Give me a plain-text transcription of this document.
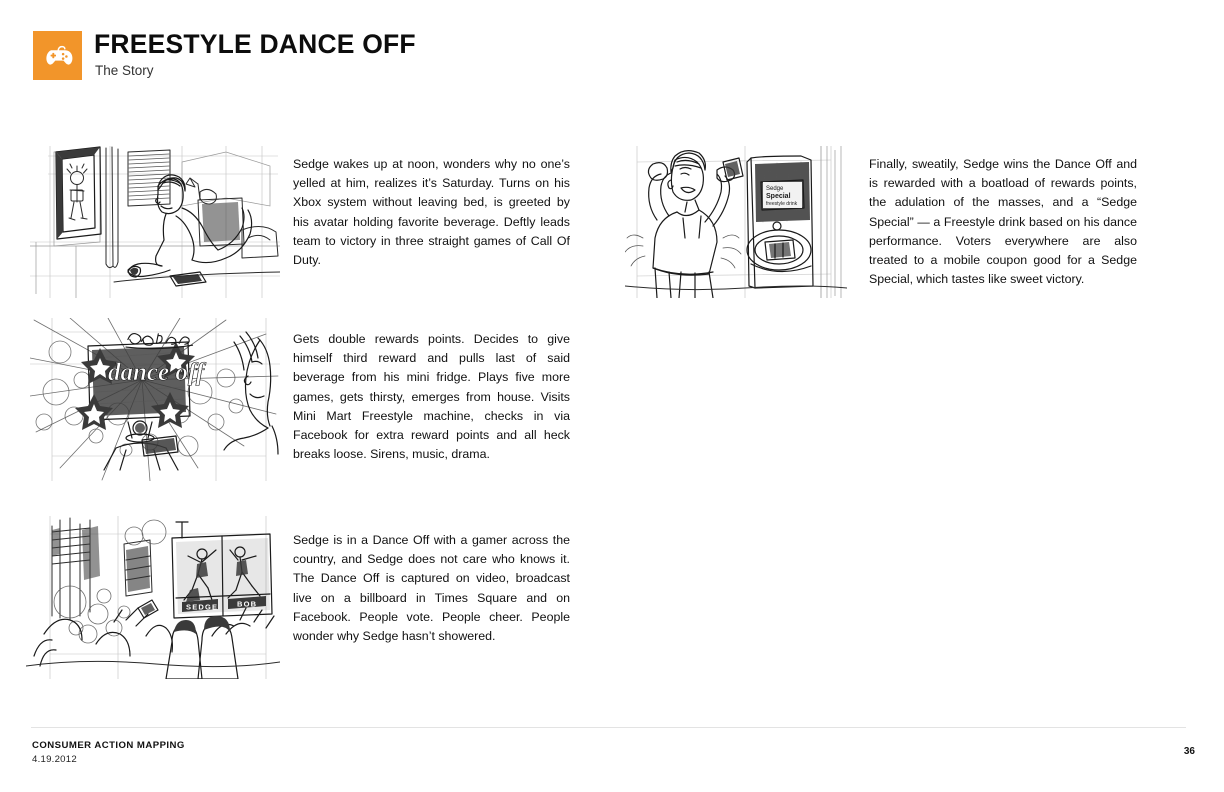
FREESTYLE DANCE OFF
The Story

Sedge wakes up at noon, wonders why no one’s yelled at him, realizes it’s Saturday. Turns on his Xbox system without leaving bed, is greeted by his avatar holding favorite beverage. Deftly leads team to victory in three straight games of Call Of Duty.

dance off

Gets double rewards points. Decides to give himself third reward and pulls last of said beverage from his mini fridge. Plays five more games, gets thirsty, emerges from house. Visits Mini Mart Freestyle machine, checks in via Facebook for extra reward points and all heck breaks loose. Sirens, music, drama.

SEDGE BOB

Sedge is in a Dance Off with a gamer across the country, and Sedge does not care who knows it. The Dance Off is captured on video, broadcast live on a billboard in Times Square and on Facebook. People vote. People cheer. People wonder why Sedge hasn’t showered.

Sedge
Special
freestyle drink

Finally, sweatily, Sedge wins the Dance Off and is rewarded with a boatload of rewards points, the adulation of the masses, and a “Sedge Special” — a Freestyle drink based on his dance performance. Voters everywhere are also treated to a mobile coupon good for a Sedge Special, which tastes like sweet victory.

CONSUMER ACTION MAPPING
4.19.2012
36
